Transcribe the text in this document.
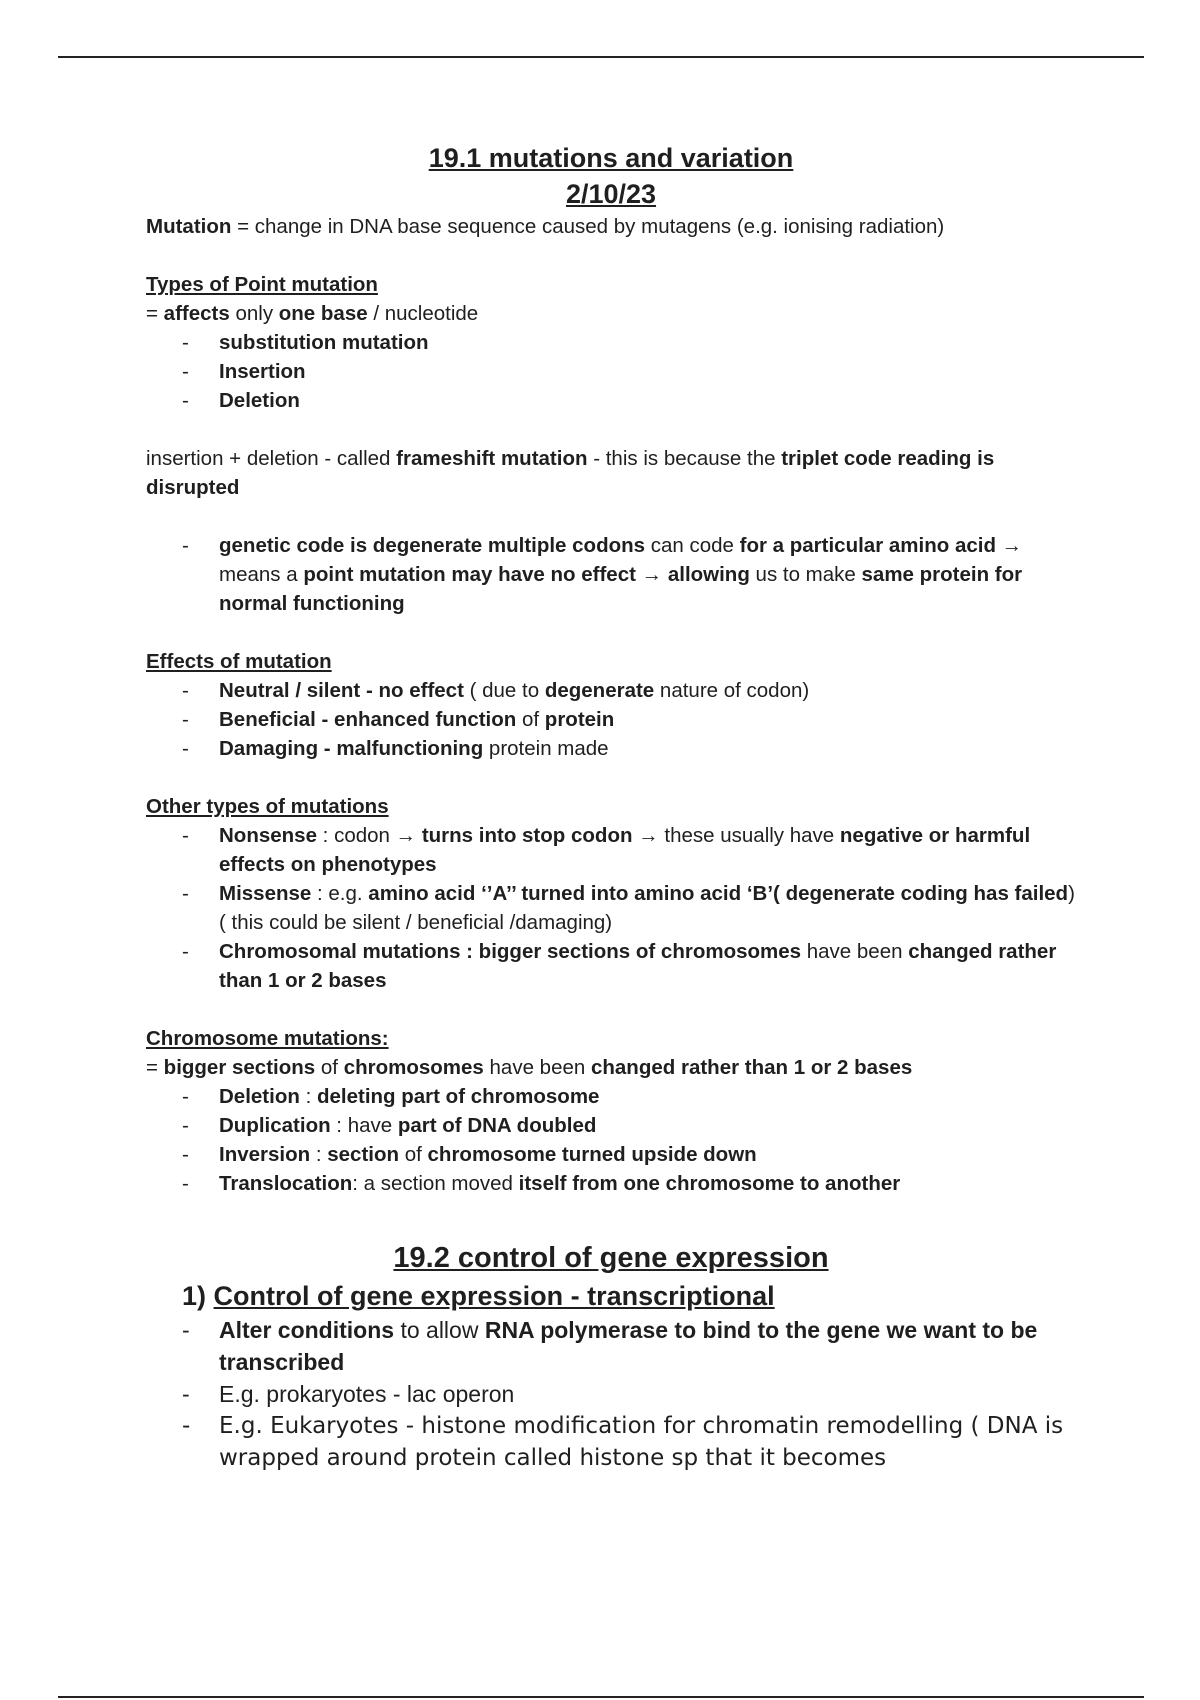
19.1 mutations and variation
2/10/23

Mutation = change in DNA base sequence caused by mutagens (e.g. ionising radiation)

Types of Point mutation

= affects only one base / nucleotide

- substitution mutation
- Insertion
- Deletion

insertion + deletion - called frameshift mutation - this is because the triplet code reading is disrupted

- genetic code is degenerate multiple codons can code for a particular amino acid → means a point mutation may have no effect → allowing us to make same protein for normal functioning

Effects of mutation

- Neutral / silent - no effect ( due to degenerate nature of codon)
- Beneficial - enhanced function of protein
- Damaging - malfunctioning protein made

Other types of mutations

- Nonsense : codon → turns into stop codon → these usually have negative or harmful effects on phenotypes
- Missense : e.g. amino acid ‘’A’’ turned into amino acid ‘B’( degenerate coding has failed) ( this could be silent / beneficial /damaging)
- Chromosomal mutations : bigger sections of chromosomes have been changed rather than 1 or 2 bases

Chromosome mutations:

= bigger sections of chromosomes have been changed rather than 1 or 2 bases

- Deletion : deleting part of chromosome
- Duplication : have part of DNA doubled
- Inversion : section of chromosome turned upside down
- Translocation: a section moved itself from one chromosome to another
19.2 control of gene expression
1) Control of gene expression - transcriptional
- Alter conditions to allow RNA polymerase to bind to the gene we want to be transcribed
- E.g. prokaryotes - lac operon
- E.g. Eukaryotes - histone modification for chromatin remodelling ( DNA is wrapped around protein called histone sp that it becomes
